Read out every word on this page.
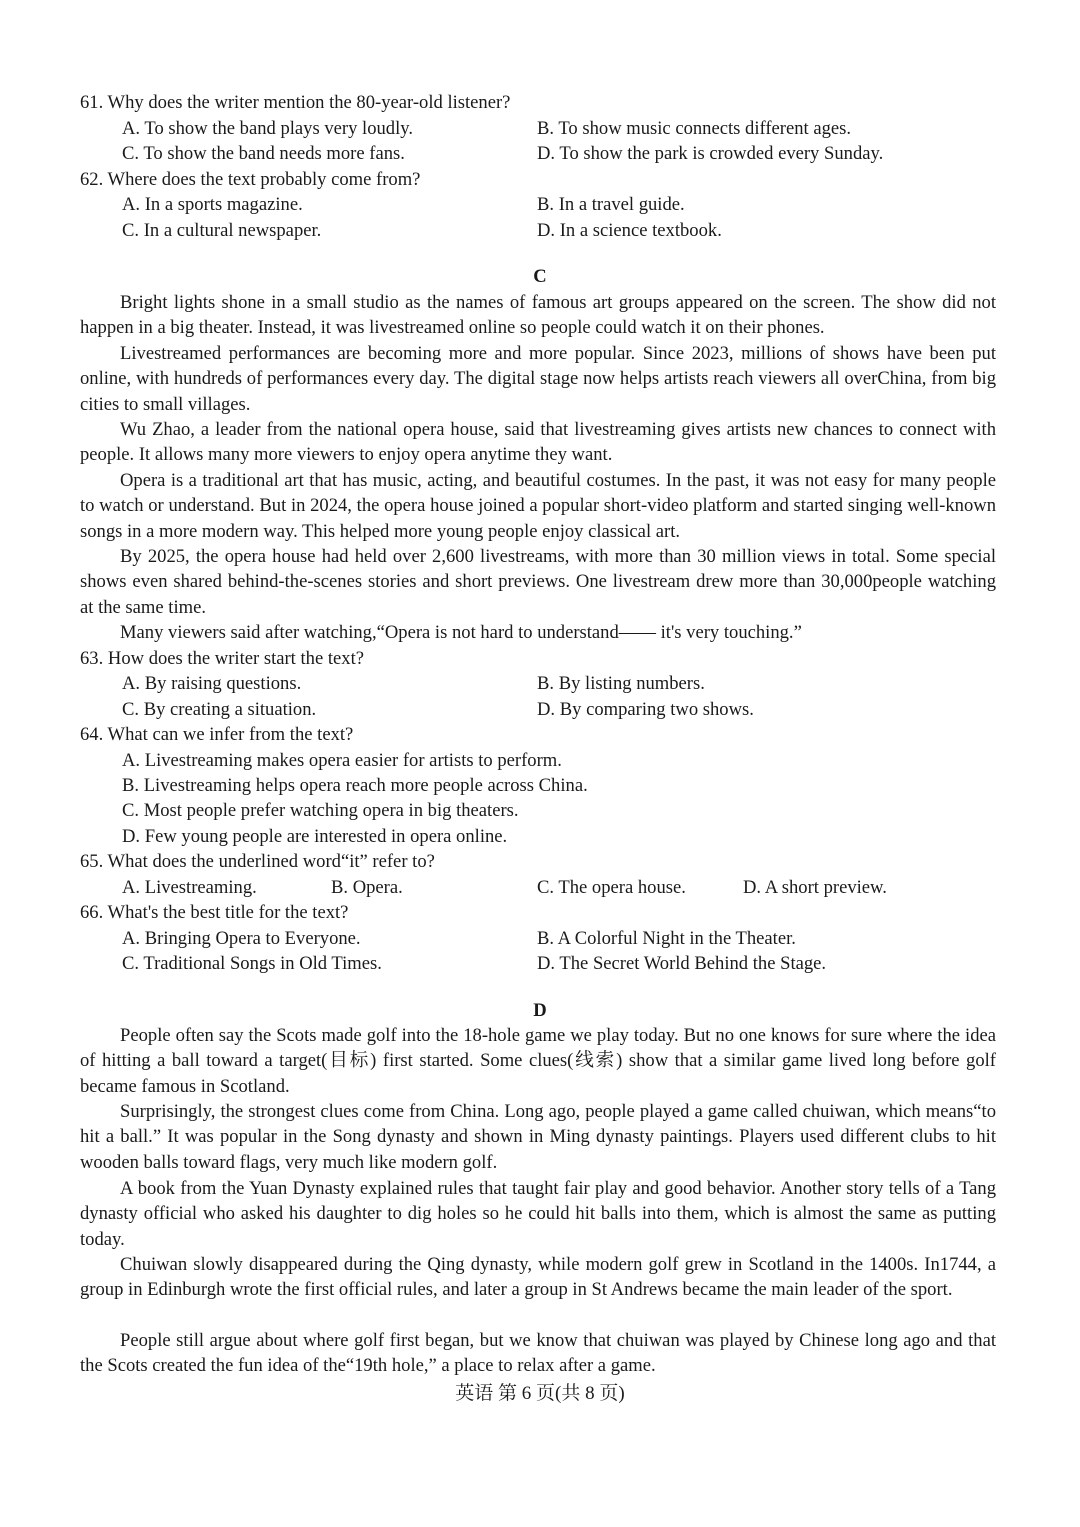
61. Why does the writer mention the 80-year-old listener?
A. To show the band plays very loudly.	B. To show music connects different ages.
C. To show the band needs more fans.	D. To show the park is crowded every Sunday.
62. Where does the text probably come from?
A. In a sports magazine.	B. In a travel guide.
C. In a cultural newspaper.	D. In a science textbook.
C

Bright lights shone in a small studio as the names of famous art groups appeared on the screen. The show did not happen in a big theater. Instead, it was livestreamed online so people could watch it on their phones.

Livestreamed performances are becoming more and more popular. Since 2023, millions of shows have been put online, with hundreds of performances every day. The digital stage now helps artists reach viewers all overChina, from big cities to small villages.

Wu Zhao, a leader from the national opera house, said that livestreaming gives artists new chances to connect with people. It allows many more viewers to enjoy opera anytime they want.

Opera is a traditional art that has music, acting, and beautiful costumes. In the past, it was not easy for many people to watch or understand. But in 2024, the opera house joined a popular short-video platform and started singing well-known songs in a more modern way. This helped more young people enjoy classical art.

By 2025, the opera house had held over 2,600 livestreams, with more than 30 million views in total. Some special shows even shared behind-the-scenes stories and short previews. One livestream drew more than 30,000people watching at the same time.

Many viewers said after watching,“Opera is not hard to understand—— it's very touching.”

63. How does the writer start the text?
A. By raising questions.	B. By listing numbers.
C. By creating a situation.	D. By comparing two shows.
64. What can we infer from the text?
A. Livestreaming makes opera easier for artists to perform.
B. Livestreaming helps opera reach more people across China.
C. Most people prefer watching opera in big theaters.
D. Few young people are interested in opera online.
65. What does the underlined word“it” refer to?
A. Livestreaming.	B. Opera.	C. The opera house.	D. A short preview.
66. What's the best title for the text?
A. Bringing Opera to Everyone.	B. A Colorful Night in the Theater.
C. Traditional Songs in Old Times.	D. The Secret World Behind the Stage.
D

People often say the Scots made golf into the 18-hole game we play today. But no one knows for sure where the idea of hitting a ball toward a target(目标) first started. Some clues(线索) show that a similar game lived long before golf became famous in Scotland.

Surprisingly, the strongest clues come from China. Long ago, people played a game called chuiwan, which means“to hit a ball.” It was popular in the Song dynasty and shown in Ming dynasty paintings. Players used different clubs to hit wooden balls toward flags, very much like modern golf.

A book from the Yuan Dynasty explained rules that taught fair play and good behavior. Another story tells of a Tang dynasty official who asked his daughter to dig holes so he could hit balls into them, which is almost the same as putting today.

Chuiwan slowly disappeared during the Qing dynasty, while modern golf grew in Scotland in the 1400s. In1744, a group in Edinburgh wrote the first official rules, and later a group in St Andrews became the main leader of the sport.

People still argue about where golf first began, but we know that chuiwan was played by Chinese long ago and that the Scots created the fun idea of the“19th hole,” a place to relax after a game.

英语 第 6 页(共 8 页)
